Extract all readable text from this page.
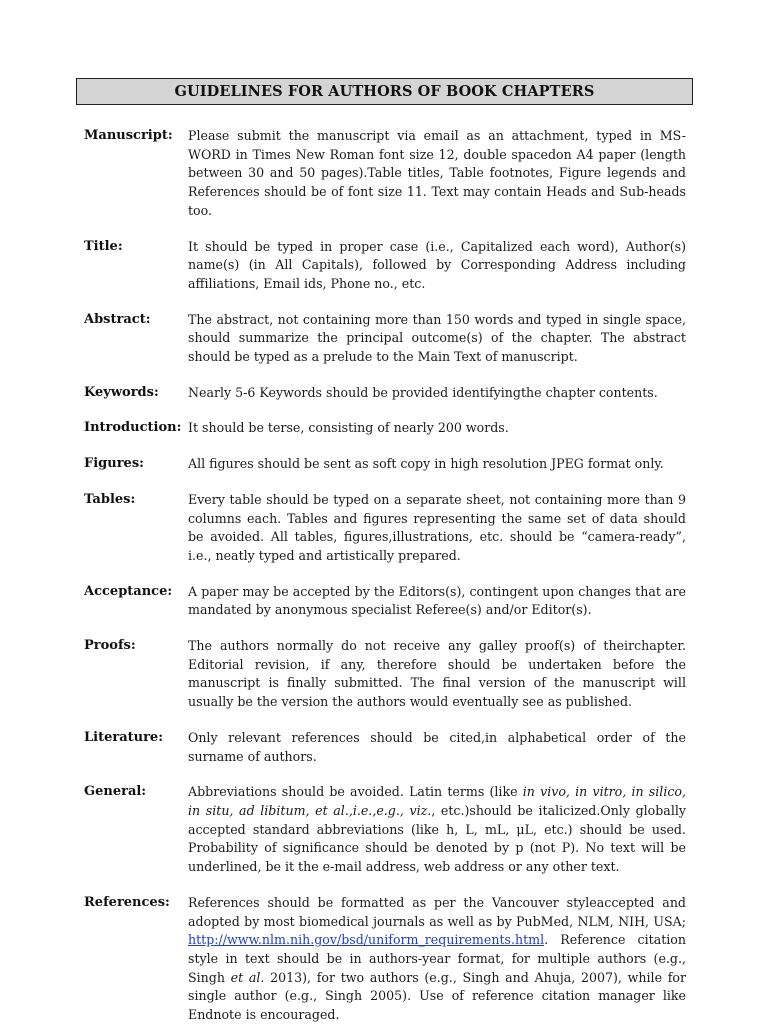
GUIDELINES FOR AUTHORS OF BOOK CHAPTERS
Manuscript:	Please submit the manuscript via email as an attachment, typed in MS-WORD in Times New Roman font size 12, double spacedon A4 paper (length between 30 and 50 pages).Table titles, Table footnotes, Figure legends and References should be of font size 11. Text may contain Heads and Sub-heads too.
Title:	It should be typed in proper case (i.e., Capitalized each word), Author(s) name(s) (in All Capitals), followed by Corresponding Address including affiliations, Email ids, Phone no., etc.
Abstract:	The abstract, not containing more than 150 words and typed in single space, should summarize the principal outcome(s) of the chapter. The abstract should be typed as a prelude to the Main Text of manuscript.
Keywords:	Nearly 5-6 Keywords should be provided identifyingthe chapter contents.
Introduction: It should be terse, consisting of nearly 200 words.
Figures:	All figures should be sent as soft copy in high resolution JPEG format only.
Tables:	Every table should be typed on a separate sheet, not containing more than 9 columns each. Tables and figures representing the same set of data should be avoided. All tables, figures,illustrations, etc. should be “camera-ready”, i.e., neatly typed and artistically prepared.
Acceptance:	A paper may be accepted by the Editors(s), contingent upon changes that are mandated by anonymous specialist Referee(s) and/or Editor(s).
Proofs:	The authors normally do not receive any galley proof(s) of theirchapter. Editorial revision, if any, therefore should be undertaken before the manuscript is finally submitted. The final version of the manuscript will usually be the version the authors would eventually see as published.
Literature:	Only relevant references should be cited,in alphabetical order of the surname of authors.
General:	Abbreviations should be avoided. Latin terms (like in vivo, in vitro, in silico, in situ, ad libitum, et al.,i.e.,e.g., viz., etc.)should be italicized.Only globally accepted standard abbreviations (like h, L, mL, μL, etc.) should be used. Probability of significance should be denoted by p (not P). No text will be underlined, be it the e-mail address, web address or any other text.
References:	References should be formatted as per the Vancouver styleaccepted and adopted by most biomedical journals as well as by PubMed, NLM, NIH, USA; http://www.nlm.nih.gov/bsd/uniform_requirements.html. Reference citation style in text should be in authors-year format, for multiple authors (e.g., Singh et al. 2013), for two authors (e.g., Singh and Ahuja, 2007), while for single author (e.g., Singh 2005). Use of reference citation manager like Endnote is encouraged.
